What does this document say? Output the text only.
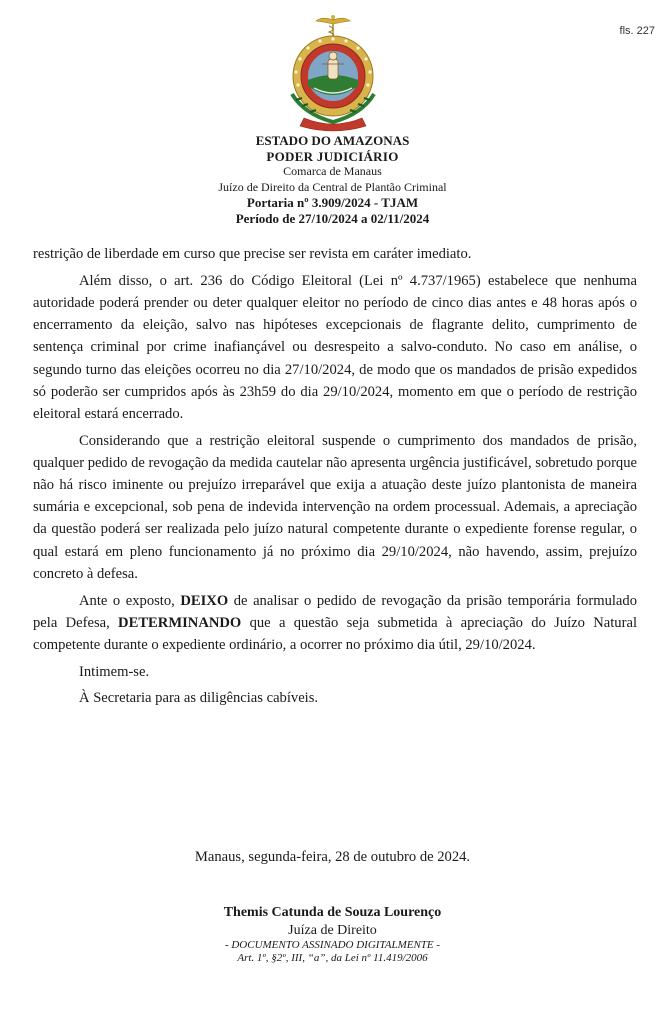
fls. 227
ESTADO DO AMAZONAS
PODER JUDICIÁRIO
Comarca de Manaus
Juízo de Direito da Central de Plantão Criminal
Portaria nº 3.909/2024 - TJAM
Período de 27/10/2024 a 02/11/2024

restrição de liberdade em curso que precise ser revista em caráter imediato.

Além disso, o art. 236 do Código Eleitoral (Lei nº 4.737/1965) estabelece que nenhuma autoridade poderá prender ou deter qualquer eleitor no período de cinco dias antes e 48 horas após o encerramento da eleição, salvo nas hipóteses excepcionais de flagrante delito, cumprimento de sentença criminal por crime inafiançável ou desrespeito a salvo-conduto. No caso em análise, o segundo turno das eleições ocorreu no dia 27/10/2024, de modo que os mandados de prisão expedidos só poderão ser cumpridos após às 23h59 do dia 29/10/2024, momento em que o período de restrição eleitoral estará encerrado.

Considerando que a restrição eleitoral suspende o cumprimento dos mandados de prisão, qualquer pedido de revogação da medida cautelar não apresenta urgência justificável, sobretudo porque não há risco iminente ou prejuízo irreparável que exija a atuação deste juízo plantonista de maneira sumária e excepcional, sob pena de indevida intervenção na ordem processual. Ademais, a apreciação da questão poderá ser realizada pelo juízo natural competente durante o expediente forense regular, o qual estará em pleno funcionamento já no próximo dia 29/10/2024, não havendo, assim, prejuízo concreto à defesa.

Ante o exposto, DEIXO de analisar o pedido de revogação da prisão temporária formulado pela Defesa, DETERMINANDO que a questão seja submetida à apreciação do Juízo Natural competente durante o expediente ordinário, a ocorrer no próximo dia útil, 29/10/2024.

Intimem-se.

À Secretaria para as diligências cabíveis.

Manaus, segunda-feira, 28 de outubro de 2024.
Themis Catunda de Souza Lourenço
Juíza de Direito
- DOCUMENTO ASSINADO DIGITALMENTE -
Art. 1º, §2º, III, “a”, da Lei nº 11.419/2006
